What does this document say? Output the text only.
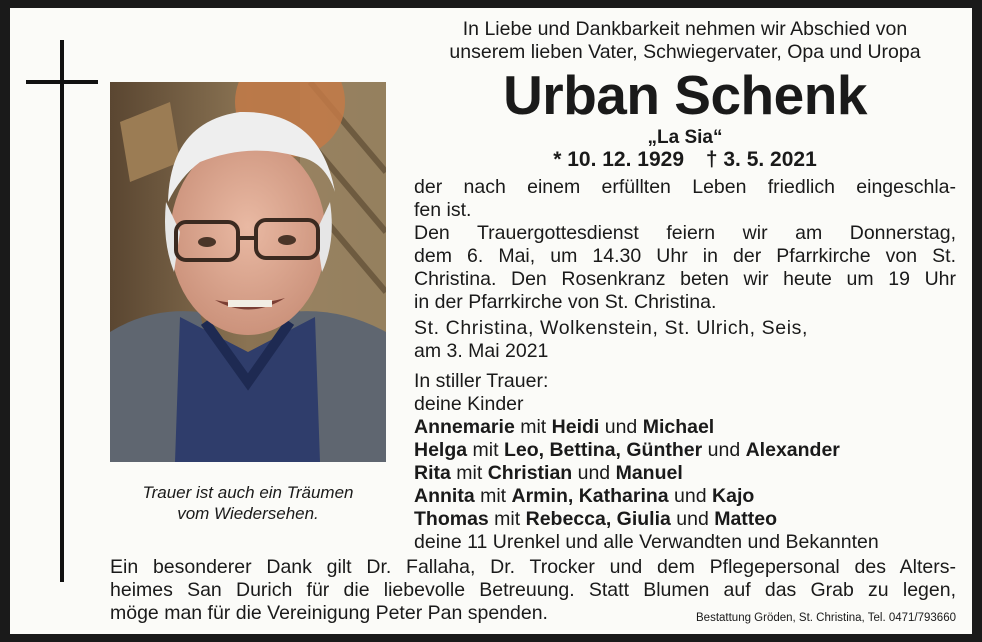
Trauer ist auch ein Träumen
vom Wiedersehen.
In Liebe und Dankbarkeit nehmen wir Abschied von
unserem lieben Vater, Schwiegervater, Opa und Uropa
Urban Schenk
„La Sia“
* 10. 12. 1929 † 3. 5. 2021
der nach einem erfüllten Leben friedlich eingeschla-
fen ist.
Den Trauergottesdienst feiern wir am Donnerstag,
dem 6. Mai, um 14.30 Uhr in der Pfarrkirche von St.
Christina. Den Rosenkranz beten wir heute um 19 Uhr
in der Pfarrkirche von St. Christina.
St. Christina, Wolkenstein, St. Ulrich, Seis,
am 3. Mai 2021
In stiller Trauer:
deine Kinder
Annemarie mit Heidi und Michael
Helga mit Leo, Bettina, Günther und Alexander
Rita mit Christian und Manuel
Annita mit Armin, Katharina und Kajo
Thomas mit Rebecca, Giulia und Matteo
deine 11 Urenkel und alle Verwandten und Bekannten
Ein besonderer Dank gilt Dr. Fallaha, Dr. Trocker und dem Pflegepersonal des Alters-
heimes San Durich für die liebevolle Betreuung. Statt Blumen auf das Grab zu legen,
möge man für die Vereinigung Peter Pan spenden.	Bestattung Gröden, St. Christina, Tel. 0471/793660
